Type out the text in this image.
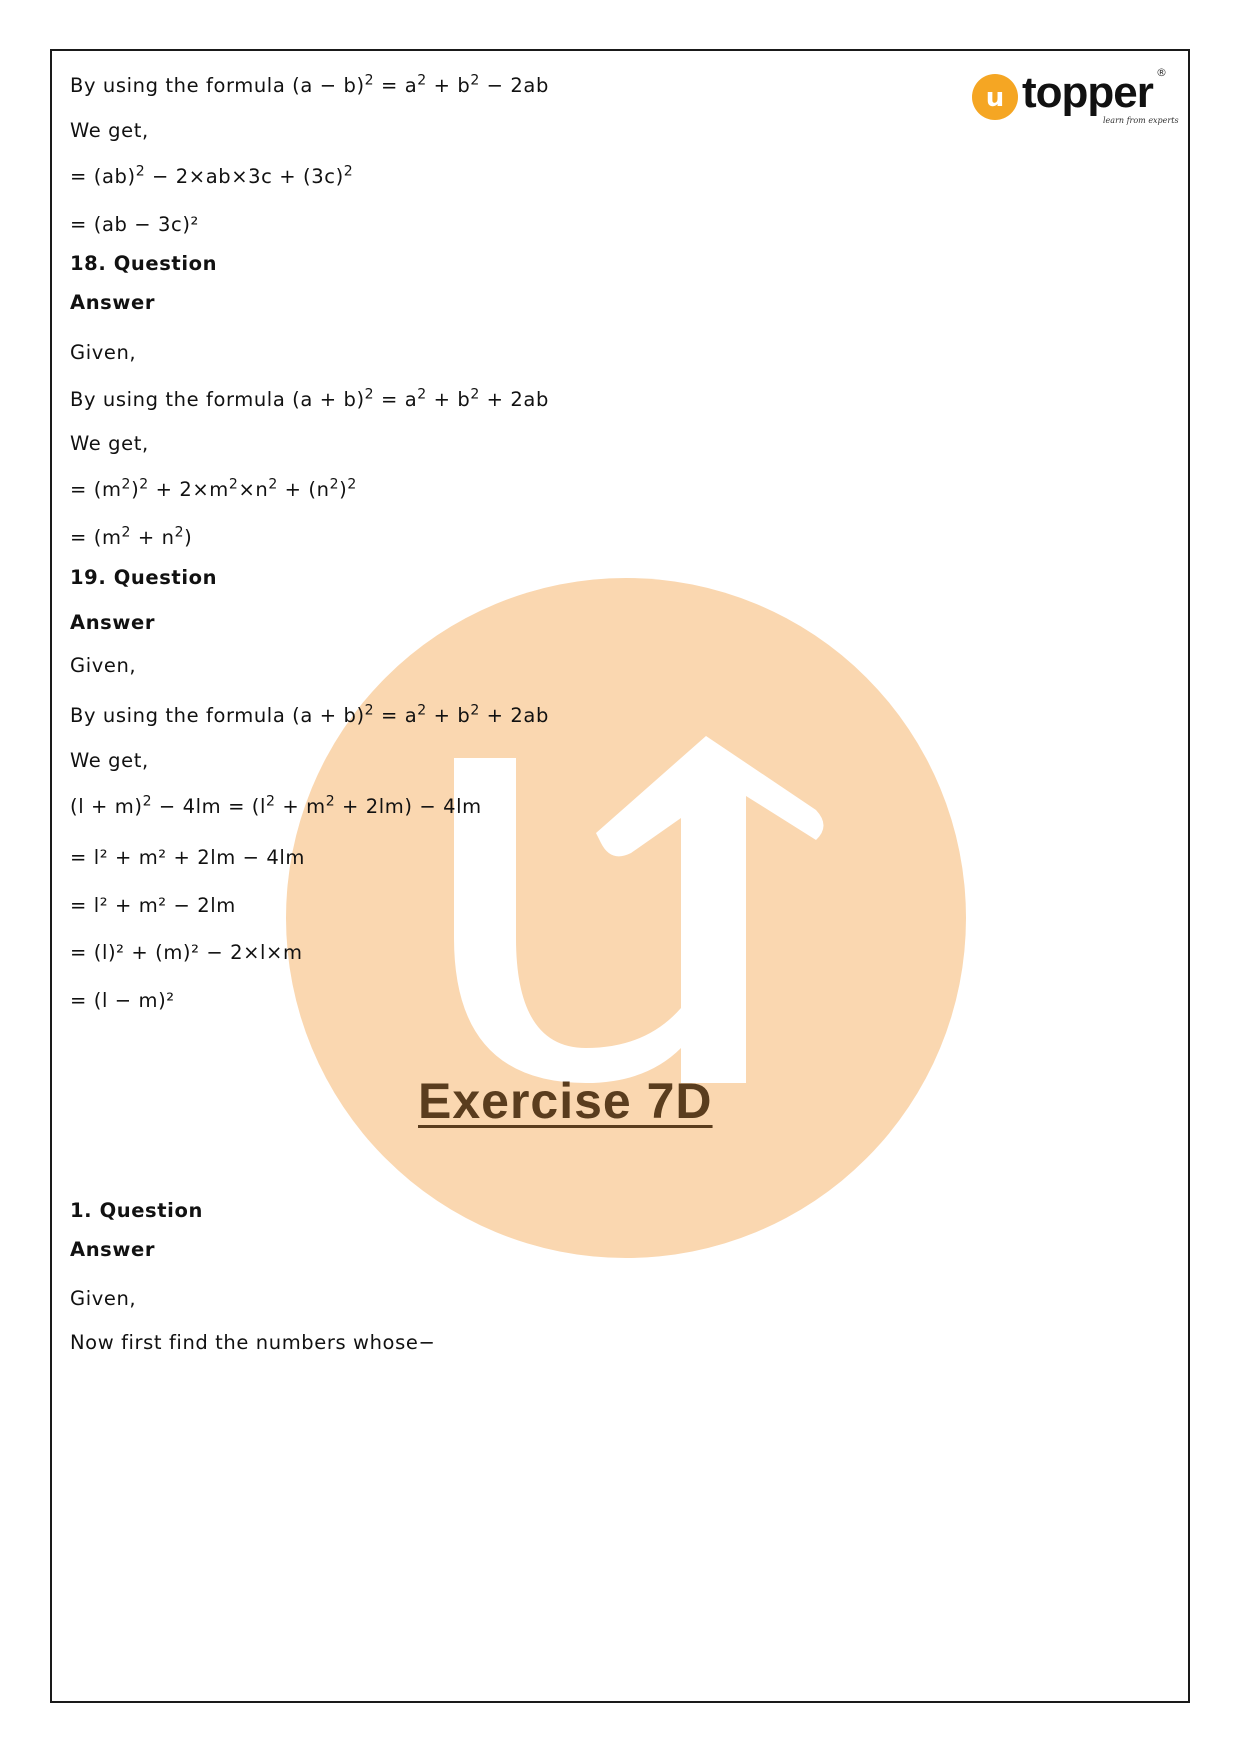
u topper ®
learn from experts
By using the formula $(a - b)^2 = a^2 + b^2 - 2ab$
We get,
= $(ab)^2 - 2\times ab\times 3c + (3c)^2$
= (ab − 3c)²
18. Question
Answer
Given,
By using the formula $(a + b)^2 = a^2 + b^2 + 2ab$
We get,
= $(m^2)^2 + 2\times m^2\times n^2 + (n^2)^2$
= $(m^2 + n^2)$
19. Question
Answer
Given,
By using the formula $(a + b)^2 = a^2 + b^2 + 2ab$
We get,
$(l + m)^2 - 4lm = (l^2 + m^2 + 2lm) - 4lm$
= l² + m² + 2lm − 4lm
= l² + m² − 2lm
= (l)² + (m)² − 2×l×m
= (l − m)²
Exercise 7D
1. Question
Answer
Given,
Now first find the numbers whose−
